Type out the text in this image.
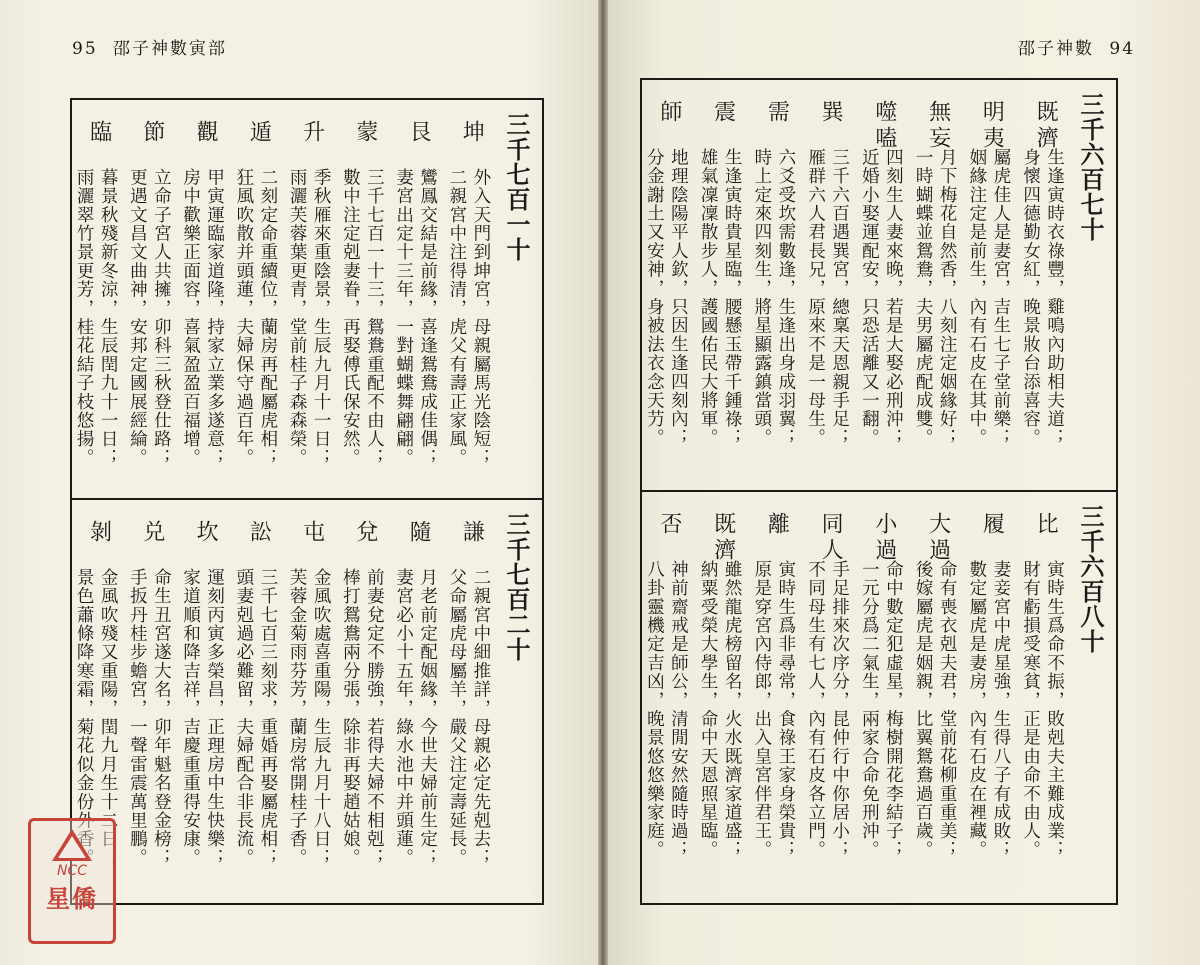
95 邵子神數寅部
三千七百一十
坤
外入天門到坤宮，母親屬馬光陰短；
二親宮中注得清，虎父有壽正家風。
艮
鸞鳳交結是前緣，喜逢鴛鴦成佳偶；
妻宮出定十三年，一對蝴蝶舞翩翩。
蒙
三千七百一十三，鴛鴦重配不由人；
數中注定剋妻眷，再娶傅氏保安然。
升
季秋雁來重陰景，生辰九月十一日；
雨灑芙蓉葉更青，堂前桂子森森榮。
遁
二刻定命重續位，蘭房再配屬虎相；
狂風吹散并頭蓮，夫婦保守過百年。
觀
甲寅運臨家道隆，持家立業多遂意；
房中歡樂正面容，喜氣盈盈百福增。
節
立命子宮人共擁，卯科三秋登仕路；
更遇文昌文曲神，安邦定國展經綸。
臨
暮景秋殘新冬涼，生辰閏九十一日；
雨灑翠竹景更芳，桂花結子枝悠揚。
三千七百二十
謙
二親宮中細推詳，母親必定先剋去；
父命屬虎母屬羊，嚴父注定壽延長。
隨
月老前定配姻緣，今世夫婦前生定；
妻宮必小十五年，綠水池中并頭蓮。
兌
前妻兌定不勝強，若得夫婦不相剋；
棒打鴛鴦兩分張，除非再娶趙姑娘。
屯
金風吹處喜重陽，生辰九月十八日；
芙蓉金菊雨芬芳，蘭房常開桂子香。
訟
三千七百三刻求，重婚再娶屬虎相；
頭妻剋過必難留，夫婦配合非長流。
坎
運刻丙寅多榮昌，正理房中生快樂；
家道順和降吉祥，吉慶重重得安康。
兑
命生丑宮遂大名，卯年魁名登金榜；
手扳丹桂步蟾宮，一聲雷震萬里鵬。
剝
金風吹殘又重陽，閏九月生十二日；
景色蕭條降寒霜，菊花似金份外香。
邵子神數 94
三千六百七十
既濟
生逢寅時衣祿豐，雞鳴內助相夫道；
身懷四德勤女紅，晚景妝台添喜容。
明夷
屬虎佳人是妻宮，吉生七子堂前樂；
姻緣注定是前生，內有石皮在其中。
無妄
月下梅花自然香，八刻注定姻緣好；
一時蝴蝶並鴛鴦，夫男屬虎配成雙。
噬嗑
四刻生人妻來晚，若是大娶必刑沖；
近婚小娶運配安，只恐活離又一翻。
巽
三千六百遇巽宮，總稟天恩親手足；
雁群六人君長兄，原來不是一母生。
需
六爻受坎需數逢，生逢出身成羽翼；
時上定來四刻生，將星顯露鎮當頭。
震
生逢寅時貴星臨，腰懸玉帶千鍾祿；
雄氣凜凜散步人，護國佑民大將軍。
師
地理陰陽平人欽，只因生逢四刻內；
分金謝土又安神，身被法衣念天芀。
三千六百八十
比
寅時生爲命不振，敗剋夫主難成業；
財有虧損受寒貧，正是由命不由人。
履
妻妾宮中虎星強，生得八子有成敗；
數定屬虎是妻房，內有石皮在裡藏。
大過
命有喪衣剋夫君，堂前花柳重重美；
後嫁屬虎是姻親，比翼鴛鴦過百歲。
小過
命中數定犯虛星，梅樹開花李結子；
一元分爲二氣生，兩家合命免刑沖。
同人
手足排來次序分，昆仲行中你居小；
不同母生有七人，內有石皮各立門。
離
寅時生爲非尋常，食祿王家身榮貴；
原是穿宮內侍郎，出入皇宮伴君王。
既濟
雖然龍虎榜留名，火水既濟家道盛；
納粟受榮大學生，命中天恩照星臨。
否
神前齋戒是師公，清閒安然隨時過；
八卦靈機定吉凶，晚景悠悠樂家庭。
NCC
星僑
